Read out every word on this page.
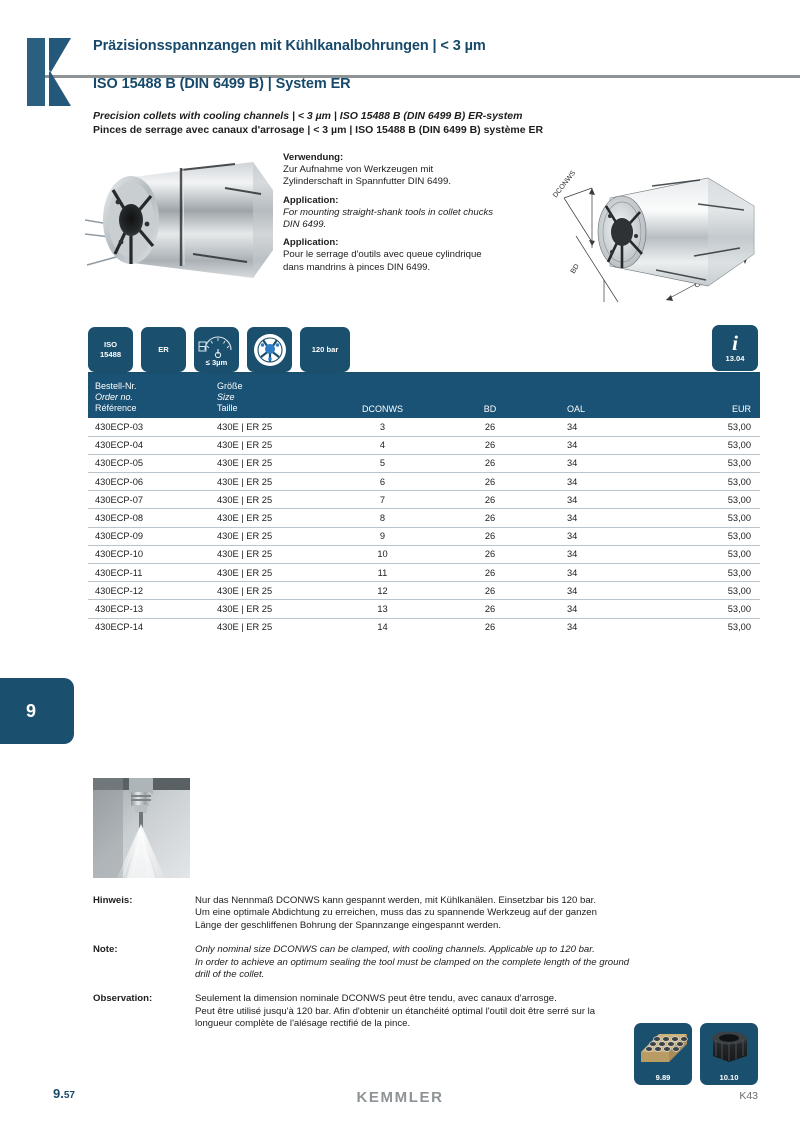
Präzisionsspannzangen mit Kühlkanalbohrungen | < 3 µm
ISO 15488 B (DIN 6499 B) | System ER
Precision collets with cooling channels | < 3 µm | ISO 15488 B (DIN 6499 B) ER-system
Pinces de serrage avec canaux d'arrosage | < 3 µm | ISO 15488 B (DIN 6499 B) système ER
Verwendung:
Zur Aufnahme von Werkzeugen mit
Zylinderschaft in Spannfutter DIN 6499.
Application:
For mounting straight-shank tools in collet chucks
DIN 6499.
Application:
Pour le serrage d'outils avec queue cylindrique
dans mandrins à pinces DIN 6499.
DCONWS
BD
ISO
15488
ER
≤ 3µm
120 bar	i
13.04
Bestell-Nr.
Order no.
Référence	Größe
Size
Taille	DCONWS	BD	OAL	EUR
430ECP-03	430E | ER 25	3	26	34	53,00
430ECP-04	430E | ER 25	4	26	34	53,00
430ECP-05	430E | ER 25	5	26	34	53,00
430ECP-06	430E | ER 25	6	26	34	53,00
430ECP-07	430E | ER 25	7	26	34	53,00
430ECP-08	430E | ER 25	8	26	34	53,00
430ECP-09	430E | ER 25	9	26	34	53,00
430ECP-10	430E | ER 25	10	26	34	53,00
430ECP-11	430E | ER 25	11	26	34	53,00
430ECP-12	430E | ER 25	12	26	34	53,00
430ECP-13	430E | ER 25	13	26	34	53,00
430ECP-14	430E | ER 25	14	26	34	53,00
9
Hinweis:	Nur das Nennmaß DCONWS kann gespannt werden, mit Kühlkanälen. Einsetzbar bis 120 bar.
Um eine optimale Abdichtung zu erreichen, muss das zu spannende Werkzeug auf der ganzen
Länge der geschliffenen Bohrung der Spannzange eingespannt werden.
Note:	Only nominal size DCONWS can be clamped, with cooling channels. Applicable up to 120 bar.
In order to achieve an optimum sealing the tool must be clamped on the complete length of the ground
drill of the collet.
Observation:	Seulement la dimension nominale DCONWS peut être tendu, avec canaux d'arrosge.
Peut être utilisé jusqu'à 120 bar. Afin d'obtenir un étanchéité optimal l'outil doit être serré sur la
longueur complète de l'alésage rectifié de la pince.
9.89	10.10
9.57	KEMMLER	K43
